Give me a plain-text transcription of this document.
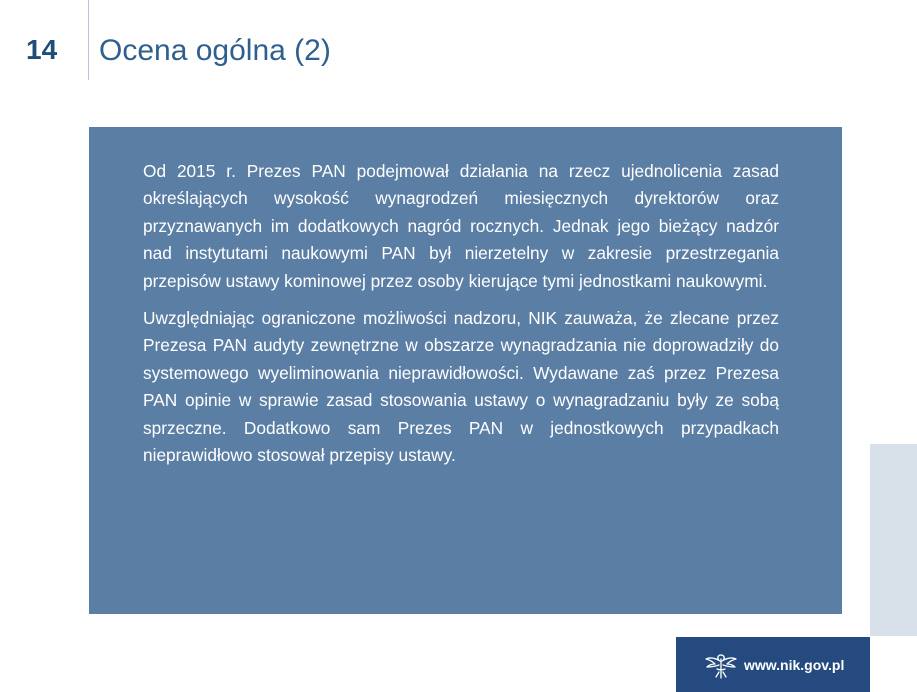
14 Ocena ogólna (2)

Od 2015 r. Prezes PAN podejmował działania na rzecz ujednolicenia zasad określających wysokość wynagrodzeń miesięcznych dyrektorów oraz przyznawanych im dodatkowych nagród rocznych. Jednak jego bieżący nadzór nad instytutami naukowymi PAN był nierzetelny w zakresie przestrzegania przepisów ustawy kominowej przez osoby kierujące tymi jednostkami naukowymi.

Uwzględniając ograniczone możliwości nadzoru, NIK zauważa, że zlecane przez Prezesa PAN audyty zewnętrzne w obszarze wynagradzania nie doprowadziły do systemowego wyeliminowania nieprawidłowości. Wydawane zaś przez Prezesa PAN opinie w sprawie zasad stosowania ustawy o wynagradzaniu były ze sobą sprzeczne. Dodatkowo sam Prezes PAN w jednostkowych przypadkach nieprawidłowo stosował przepisy ustawy.

www.nik.gov.pl
